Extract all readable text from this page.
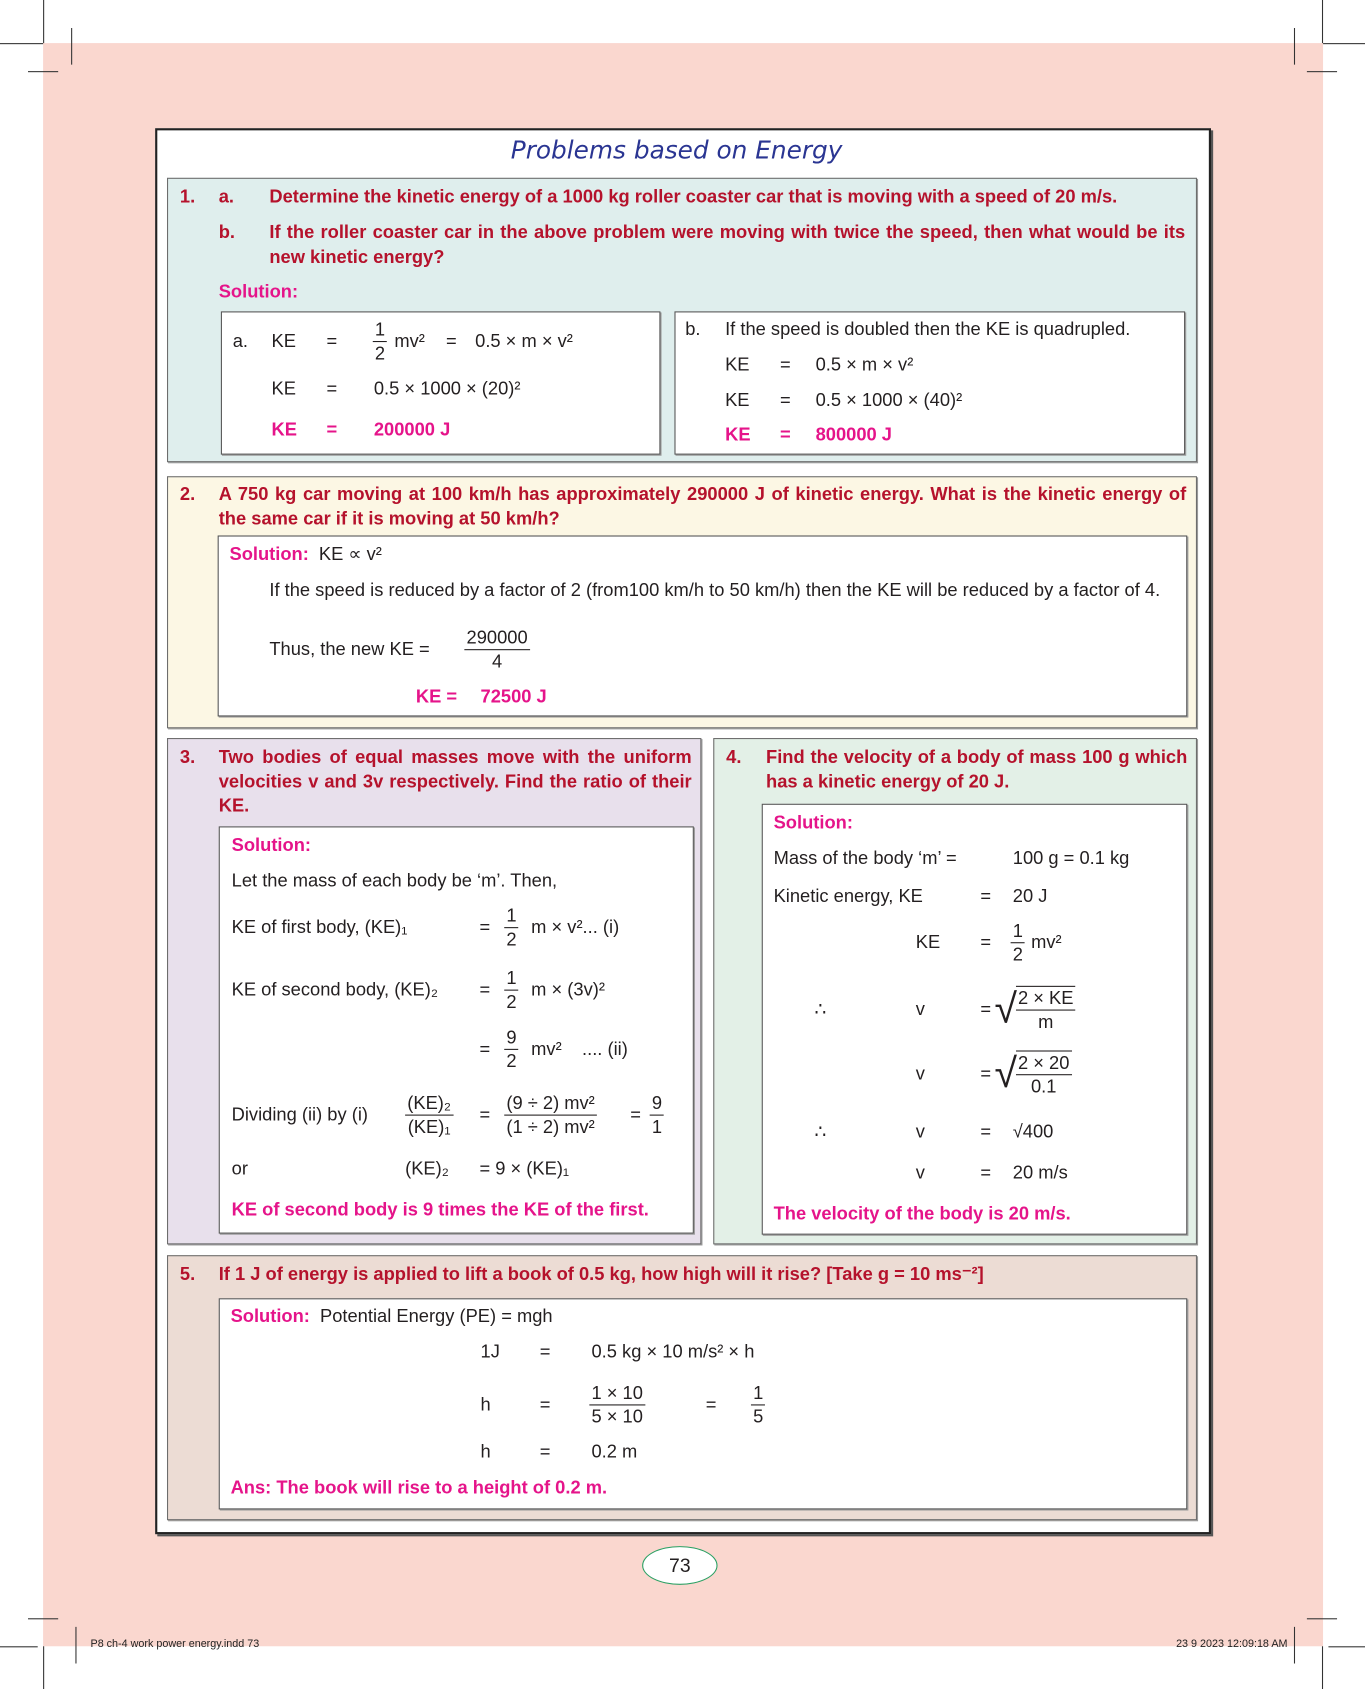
Problems based on Energy
1. a. Determine the kinetic energy of a 1000 kg roller coaster car that is moving with a speed of 20 m/s.
b. If the roller coaster car in the above problem were moving with twice the speed, then what would be its new kinetic energy?
Solution:
a. KE = $\frac{1}{2} mv^2 = 0.5 \times m \times v^2$
KE = 0.5 × 1000 × (20)²
KE = 200000 J
b. If the speed is doubled then the KE is quadrupled.
KE = 0.5 × m × v²
KE = 0.5 × 1000 × (40)²
KE = 800000 J
2. A 750 kg car moving at 100 km/h has approximately 290000 J of kinetic energy. What is the kinetic energy of the same car if it is moving at 50 km/h?
Solution: KE ∝ v²
If the speed is reduced by a factor of 2 (from100 km/h to 50 km/h) then the KE will be reduced by a factor of 4.
Thus, the new KE = $\frac{290000}{4}$
KE = 72500 J
3. Two bodies of equal masses move with the uniform velocities v and 3v respectively. Find the ratio of their KE.
Solution:
Let the mass of each body be ‘m’. Then,
KE of first body, (KE)₁	= $\frac{1}{2}$ m × v²... (i)
KE of second body, $(KE)_2 = \frac{1}{2}$ m × (3v)²
= $\frac{9}{2} mv^2$    .... (ii)
Dividing (ii) by $(i) \frac{\text{(KE)₂}}{\text{(KE)₁}} = \frac{\text{(9 ÷ 2) mv²}}{\text{(1 ÷ 2) mv²}} = \frac{9}{1}$
or	(KE)₂ = 9 × (KE)₁
KE of second body is 9 times the KE of the first.
4. Find the velocity of a body of mass 100 g which has a kinetic energy of 20 J.
Solution:
Mass of the body ‘m’ =	100 g = 0.1 kg
Kinetic energy, KE	= 20 J
KE = $\frac{1}{2} mv^2$
∴	v	= √
$\frac{2 \times KE}{m}$
v	= √
$\frac{2 \times 20}{0.1}$
∴	v	= √400
v	= 20 m/s
The velocity of the body is 20 m/s.
5. If 1 J of energy is applied to lift a book of 0.5 kg, how high will it rise? [Take g = 10 ms⁻²]
Solution: Potential Energy (PE) = mgh
1J = 0.5 kg × 10 m/s² × h
h	= $\frac{1 \times 10}{5 \times 10}$	= $\frac{1}{5}$
h	= 0.2 m
Ans: The book will rise to a height of 0.2 m.
73
P8 ch-4 work power energy.indd 73	23 9 2023 12:09:18 AM
